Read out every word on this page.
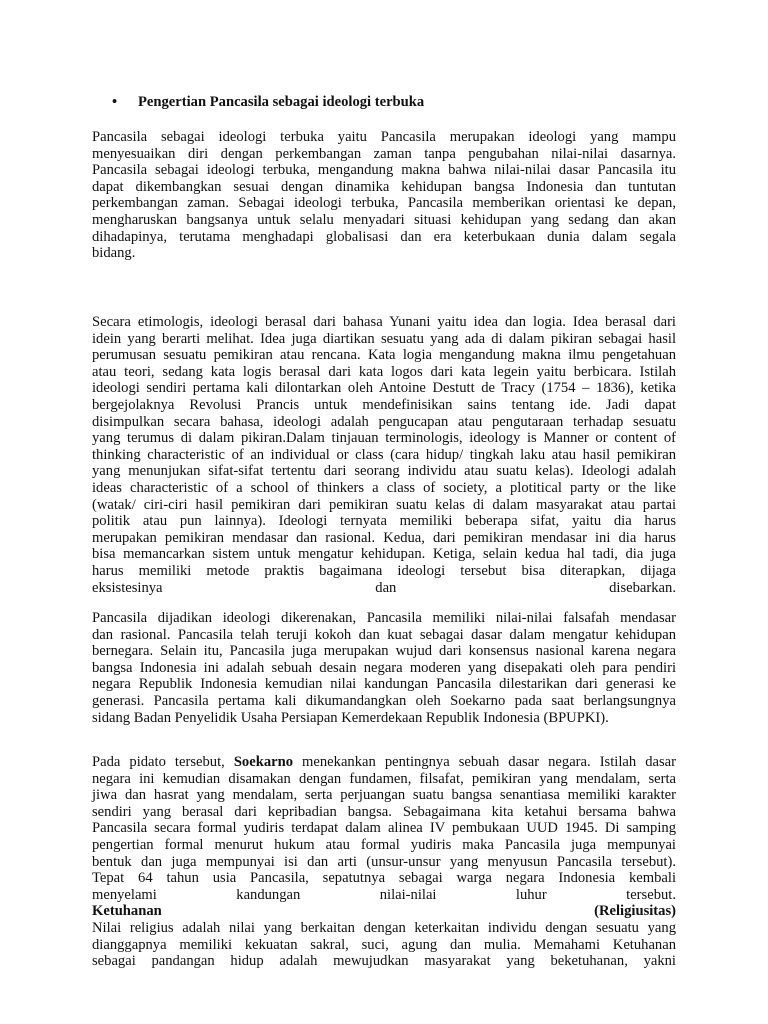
• Pengertian Pancasila sebagai ideologi terbuka
Pancasila sebagai ideologi terbuka yaitu Pancasila merupakan ideologi yang mampu
menyesuaikan diri dengan perkembangan zaman tanpa pengubahan nilai-nilai dasarnya.
Pancasila sebagai ideologi terbuka, mengandung makna bahwa nilai-nilai dasar Pancasila itu
dapat dikembangkan sesuai dengan dinamika kehidupan bangsa Indonesia dan tuntutan
perkembangan zaman. Sebagai ideologi terbuka, Pancasila memberikan orientasi ke depan,
mengharuskan bangsanya untuk selalu menyadari situasi kehidupan yang sedang dan akan
dihadapinya, terutama menghadapi globalisasi dan era keterbukaan dunia dalam segala
bidang.
Secara etimologis, ideologi berasal dari bahasa Yunani yaitu idea dan logia. Idea berasal dari
idein yang berarti melihat. Idea juga diartikan sesuatu yang ada di dalam pikiran sebagai hasil
perumusan sesuatu pemikiran atau rencana. Kata logia mengandung makna ilmu pengetahuan
atau teori, sedang kata logis berasal dari kata logos dari kata legein yaitu berbicara. Istilah
ideologi sendiri pertama kali dilontarkan oleh Antoine Destutt de Tracy (1754 – 1836), ketika
bergejolaknya Revolusi Prancis untuk mendefinisikan sains tentang ide. Jadi dapat
disimpulkan secara bahasa, ideologi adalah pengucapan atau pengutaraan terhadap sesuatu
yang terumus di dalam pikiran.Dalam tinjauan terminologis, ideology is Manner or content of
thinking characteristic of an individual or class (cara hidup/ tingkah laku atau hasil pemikiran
yang menunjukan sifat-sifat tertentu dari seorang individu atau suatu kelas). Ideologi adalah
ideas characteristic of a school of thinkers a class of society, a plotitical party or the like
(watak/ ciri-ciri hasil pemikiran dari pemikiran suatu kelas di dalam masyarakat atau partai
politik atau pun lainnya). Ideologi ternyata memiliki beberapa sifat, yaitu dia harus
merupakan pemikiran mendasar dan rasional. Kedua, dari pemikiran mendasar ini dia harus
bisa memancarkan sistem untuk mengatur kehidupan. Ketiga, selain kedua hal tadi, dia juga
harus memiliki metode praktis bagaimana ideologi tersebut bisa diterapkan, dijaga
eksistesinya	dan	disebarkan.
Pancasila dijadikan ideologi dikerenakan, Pancasila memiliki nilai-nilai falsafah mendasar
dan rasional. Pancasila telah teruji kokoh dan kuat sebagai dasar dalam mengatur kehidupan
bernegara. Selain itu, Pancasila juga merupakan wujud dari konsensus nasional karena negara
bangsa Indonesia ini adalah sebuah desain negara moderen yang disepakati oleh para pendiri
negara Republik Indonesia kemudian nilai kandungan Pancasila dilestarikan dari generasi ke
generasi. Pancasila pertama kali dikumandangkan oleh Soekarno pada saat berlangsungnya
sidang Badan Penyelidik Usaha Persiapan Kemerdekaan Republik Indonesia (BPUPKI).
Pada pidato tersebut, Soekarno menekankan pentingnya sebuah dasar negara. Istilah dasar
negara ini kemudian disamakan dengan fundamen, filsafat, pemikiran yang mendalam, serta
jiwa dan hasrat yang mendalam, serta perjuangan suatu bangsa senantiasa memiliki karakter
sendiri yang berasal dari kepribadian bangsa. Sebagaimana kita ketahui bersama bahwa
Pancasila secara formal yudiris terdapat dalam alinea IV pembukaan UUD 1945. Di samping
pengertian formal menurut hukum atau formal yudiris maka Pancasila juga mempunyai
bentuk dan juga mempunyai isi dan arti (unsur-unsur yang menyusun Pancasila tersebut).
Tepat 64 tahun usia Pancasila, sepatutnya sebagai warga negara Indonesia kembali
menyelami	kandungan	nilai-nilai	luhur	tersebut.
Ketuhanan	(Religiusitas)
Nilai religius adalah nilai yang berkaitan dengan keterkaitan individu dengan sesuatu yang
dianggapnya memiliki kekuatan sakral, suci, agung dan mulia. Memahami Ketuhanan
sebagai pandangan hidup adalah mewujudkan masyarakat yang beketuhanan, yakni
